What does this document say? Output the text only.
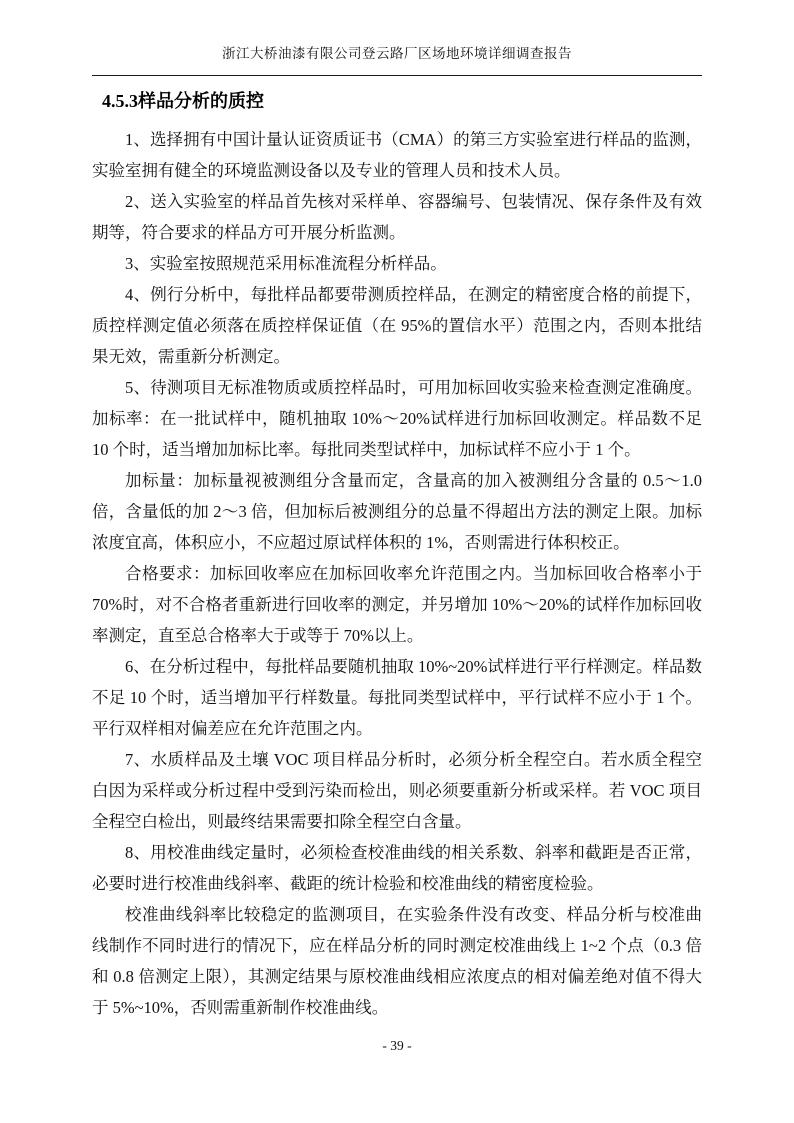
浙江大桥油漆有限公司登云路厂区场地环境详细调查报告
4.5.3样品分析的质控

1、选择拥有中国计量认证资质证书（CMA）的第三方实验室进行样品的监测，实验室拥有健全的环境监测设备以及专业的管理人员和技术人员。

2、送入实验室的样品首先核对采样单、容器编号、包装情况、保存条件及有效期等，符合要求的样品方可开展分析监测。

3、实验室按照规范采用标准流程分析样品。

4、例行分析中，每批样品都要带测质控样品，在测定的精密度合格的前提下，质控样测定值必须落在质控样保证值（在 95%的置信水平）范围之内，否则本批结果无效，需重新分析测定。

5、待测项目无标准物质或质控样品时，可用加标回收实验来检查测定准确度。加标率：在一批试样中，随机抽取 10%～20%试样进行加标回收测定。样品数不足 10 个时，适当增加加标比率。每批同类型试样中，加标试样不应小于 1 个。

加标量：加标量视被测组分含量而定，含量高的加入被测组分含量的 0.5～1.0 倍，含量低的加 2～3 倍，但加标后被测组分的总量不得超出方法的测定上限。加标浓度宜高，体积应小，不应超过原试样体积的 1%，否则需进行体积校正。

合格要求：加标回收率应在加标回收率允许范围之内。当加标回收合格率小于 70%时，对不合格者重新进行回收率的测定，并另增加 10%～20%的试样作加标回收率测定，直至总合格率大于或等于 70%以上。

6、在分析过程中，每批样品要随机抽取 10%~20%试样进行平行样测定。样品数不足 10 个时，适当增加平行样数量。每批同类型试样中，平行试样不应小于 1 个。平行双样相对偏差应在允许范围之内。

7、水质样品及土壤 VOC 项目样品分析时，必须分析全程空白。若水质全程空白因为采样或分析过程中受到污染而检出，则必须要重新分析或采样。若 VOC 项目全程空白检出，则最终结果需要扣除全程空白含量。

8、用校准曲线定量时，必须检查校准曲线的相关系数、斜率和截距是否正常，必要时进行校准曲线斜率、截距的统计检验和校准曲线的精密度检验。

校准曲线斜率比较稳定的监测项目，在实验条件没有改变、样品分析与校准曲线制作不同时进行的情况下，应在样品分析的同时测定校准曲线上 1~2 个点（0.3 倍和 0.8 倍测定上限），其测定结果与原校准曲线相应浓度点的相对偏差绝对值不得大于 5%~10%，否则需重新制作校准曲线。

- 39 -
